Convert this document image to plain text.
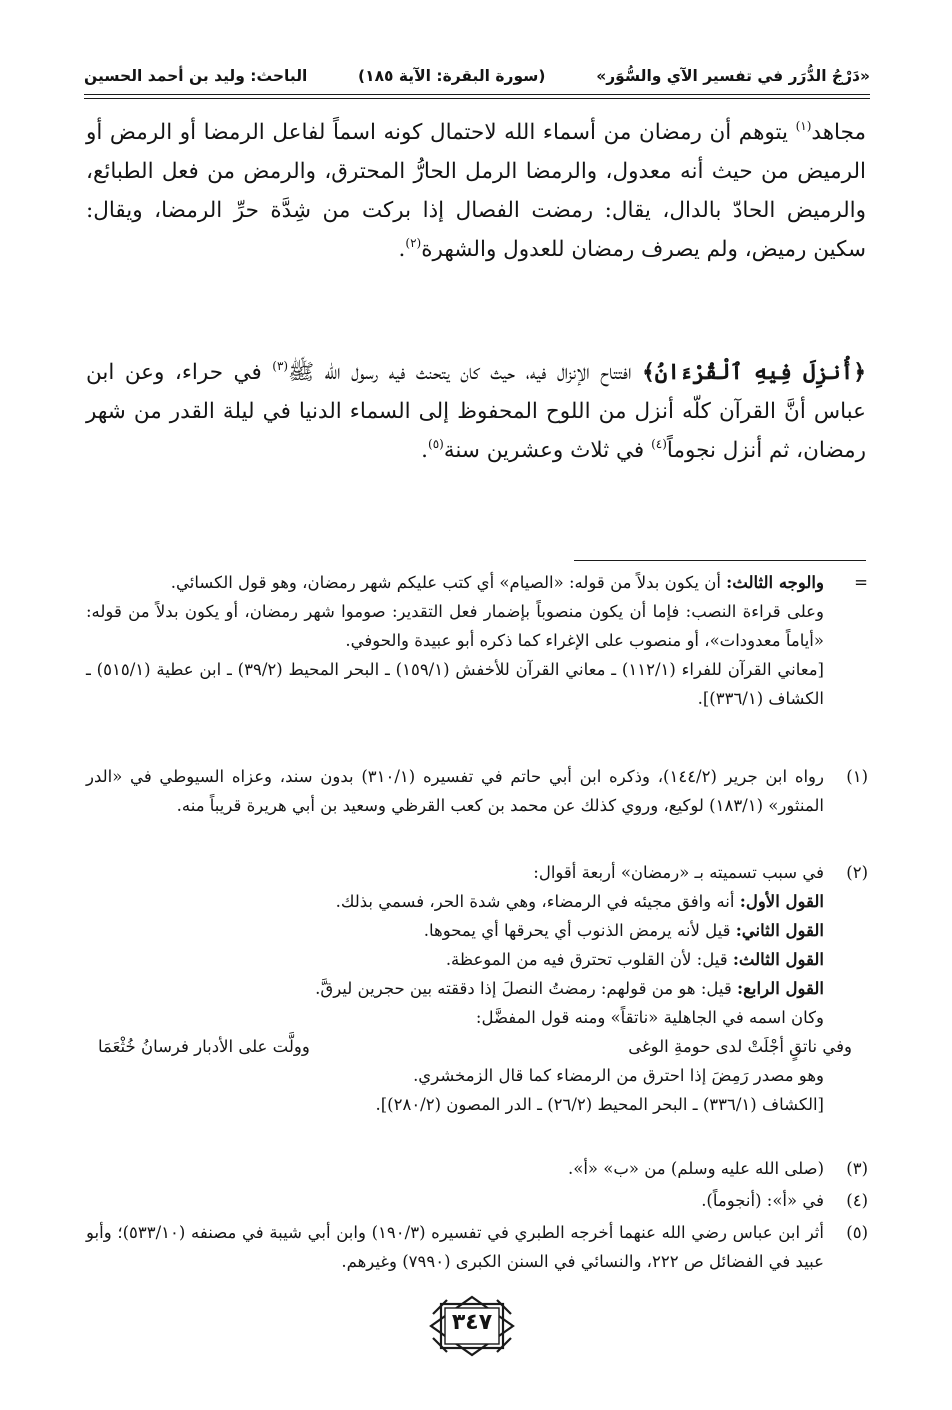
«دَرْجُ الدُّرَر في تفسير الآي والسُّوَر»
(سورة البقرة: الآية ١٨٥)
الباحث: وليد بن أحمد الحسين

مجاهد$^{(١)}$ يتوهم أن رمضان من أسماء الله لاحتمال كونه اسماً لفاعل الرمضا أو الرمض أو الرميض من حيث أنه معدول، والرمضا الرمل الحارُّ المحترق، والرمض من فعل الطبائع، والرميض الحادّ بالدال، يقال: رمضت الفصال إذا بركت من شِدَّة حرِّ الرمضا، ويقال: سكين رميض، ولم يصرف رمضان للعدول والشهرة$^{(٢)}$.

﴿أُنزِلَ فِيهِ ٱلْقُرْءَانُ﴾ افتتاح الإنزال فيه، حيث كان يتحنث فيه رسول الله ﷺ$^{(٣)}$ في حراء، وعن ابن عباس أنَّ القرآن كلّه أنزل من اللوح المحفوظ إلى السماء الدنيا في ليلة القدر من شهر رمضان، ثم أنزل نجوماً$^{(٤)}$ في ثلاث وعشرين سنة$^{(٥)}$.

=

والوجه الثالث: أن يكون بدلاً من قوله: «الصيام» أي كتب عليكم شهر رمضان، وهو قول الكسائي.

وعلى قراءة النصب: فإما أن يكون منصوباً بإضمار فعل التقدير: صوموا شهر رمضان، أو يكون بدلاً من قوله: «أياماً معدودات»، أو منصوب على الإغراء كما ذكره أبو عبيدة والحوفي.

[معاني القرآن للفراء (١١٢/١) ـ معاني القرآن للأخفش (١٥٩/١) ـ البحر المحيط (٣٩/٢) ـ ابن عطية (٥١٥/١) ـ الكشاف (٣٣٦/١)].

(١)

رواه ابن جرير (١٤٤/٢)، وذكره ابن أبي حاتم في تفسيره (٣١٠/١) بدون سند، وعزاه السيوطي في «الدر المنثور» (١٨٣/١) لوكيع، وروي كذلك عن محمد بن كعب القرظي وسعيد بن أبي هريرة قريباً منه.

(٢)

في سبب تسميته بـ «رمضان» أربعة أقوال:

القول الأول: أنه وافق مجيئه في الرمضاء، وهي شدة الحر، فسمي بذلك.

القول الثاني: قيل لأنه يرمض الذنوب أي يحرقها أي يمحوها.

القول الثالث: قيل: لأن القلوب تحترق فيه من الموعظة.

القول الرابع: قيل: هو من قولهم: رمضتُ النصلَ إذا دققته بين حجرين ليرقَّ.

وكان اسمه في الجاهلية «ناتقاً» ومنه قول المفضَّل:

وفي ناتقٍ أجْلَتْ لدى حومةِ الوغى
وولَّت على الأدبار فرسانُ خُثْعَمَا

وهو مصدر رَمِضَ إذا احترق من الرمضاء كما قال الزمخشري.

[الكشاف (٣٣٦/١) ـ البحر المحيط (٢٦/٢) ـ الدر المصون (٢٨٠/٢)].

(٣)

(صلى الله عليه وسلم) من «ب» «أ».

(٤)

في «أ»: (أنجوماً).

(٥)

أثر ابن عباس رضي الله عنهما أخرجه الطبري في تفسيره (١٩٠/٣) وابن أبي شيبة في مصنفه (٥٣٣/١٠)؛ وأبو عبيد في الفضائل ص ٢٢٢، والنسائي في السنن الكبرى (٧٩٩٠) وغيرهم.

٣٤٧
